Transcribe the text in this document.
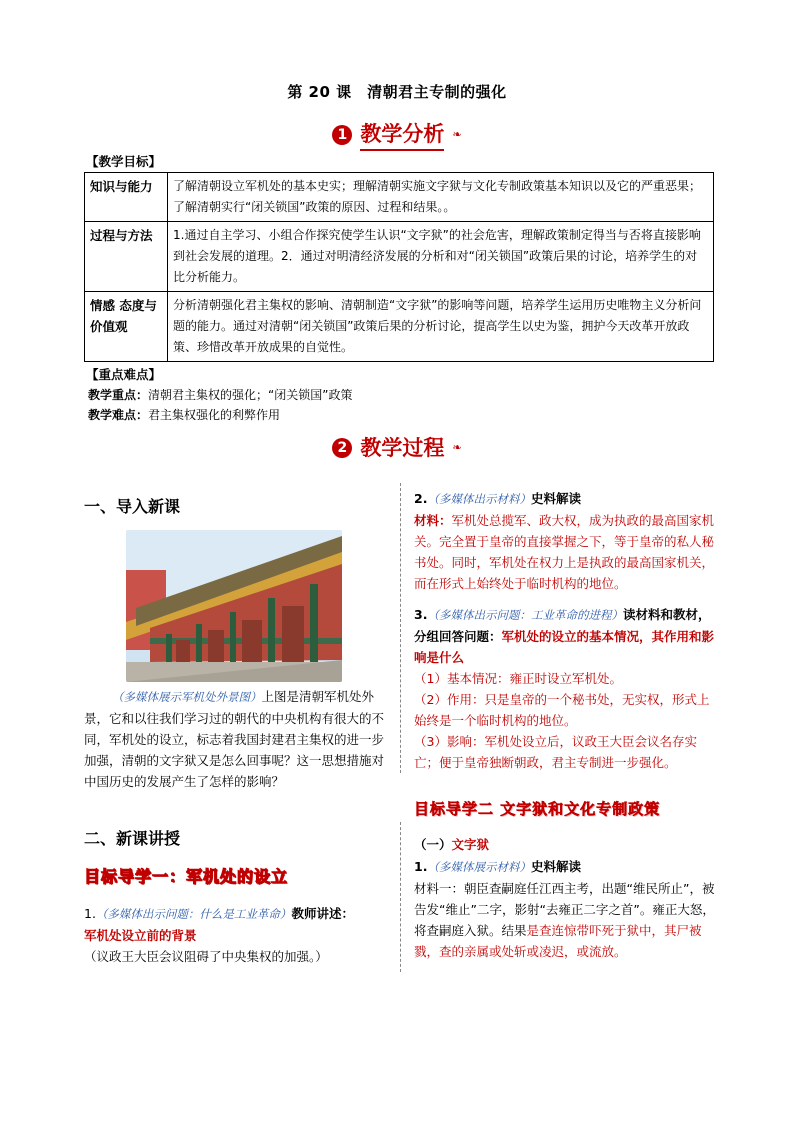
第 20 课　清朝君主专制的强化
1 教学分析 ❧
【教学目标】
知识与能力	了解清朝设立军机处的基本史实；理解清朝实施文字狱与文化专制政策基本知识以及它的严重恶果；了解清朝实行“闭关锁国”政策的原因、过程和结果。。
过程与方法	1.通过自主学习、小组合作探究使学生认识“文字狱”的社会危害，理解政策制定得当与否将直接影响 到社会发展的道理。2．通过对明清经济发展的分析和对“闭关锁国”政策后果的讨论，培养学生的对比分析能力。
情感 态度与价值观	分析清朝强化君主集权的影响、清朝制造“文字狱”的影响等问题，培养学生运用历史唯物主义分析问题的能力。通过对清朝“闭关锁国”政策后果的分析讨论，提高学生以史为鉴，拥护今天改革开放政策、珍惜改革开放成果的自觉性。
【重点难点】
教学重点：清朝君主集权的强化；“闭关锁国”政策
教学难点：君主集权强化的利弊作用
2 教学过程 ❧
一、导入新课
（多媒体展示军机处外景图）上图是清朝军机处外景，它和以往我们学习过的朝代的中央机构有很大的不同，军机处的设立，标志着我国封建君主集权的进一步加强，清朝的文字狱又是怎么回事呢？这一思想措施对中国历史的发展产生了怎样的影响？
二、新课讲授
目标导学一：军机处的设立
1.（多媒体出示问题：什么是工业革命）教师讲述：
军机处设立前的背景
（议政王大臣会议阻碍了中央集权的加强。）
2.（多媒体出示材料）史料解读
材料：军机处总揽军、政大权，成为执政的最高国家机关。完全置于皇帝的直接掌握之下，等于皇帝的私人秘书处。同时，军机处在权力上是执政的最高国家机关，而在形式上始终处于临时机构的地位。
3.（多媒体出示问题：工业革命的进程）读材料和教材，分组回答问题：军机处的设立的基本情况，其作用和影响是什么
（1）基本情况：雍正时设立军机处。
（2）作用：只是皇帝的一个秘书处，无实权，形式上始终是一个临时机构的地位。
（3）影响：军机处设立后，议政王大臣会议名存实亡；便于皇帝独断朝政，君主专制进一步强化。
目标导学二 文字狱和文化专制政策
（一）文字狱
1.（多媒体展示材料）史料解读
材料一：朝臣查嗣庭任江西主考，出题“维民所止”，被告发“维止”二字，影射“去雍正二字之首”。雍正大怒，将查嗣庭入狱。结果是查连惊带吓死于狱中，其尸被戮，查的亲属或处斩或凌迟，或流放。
